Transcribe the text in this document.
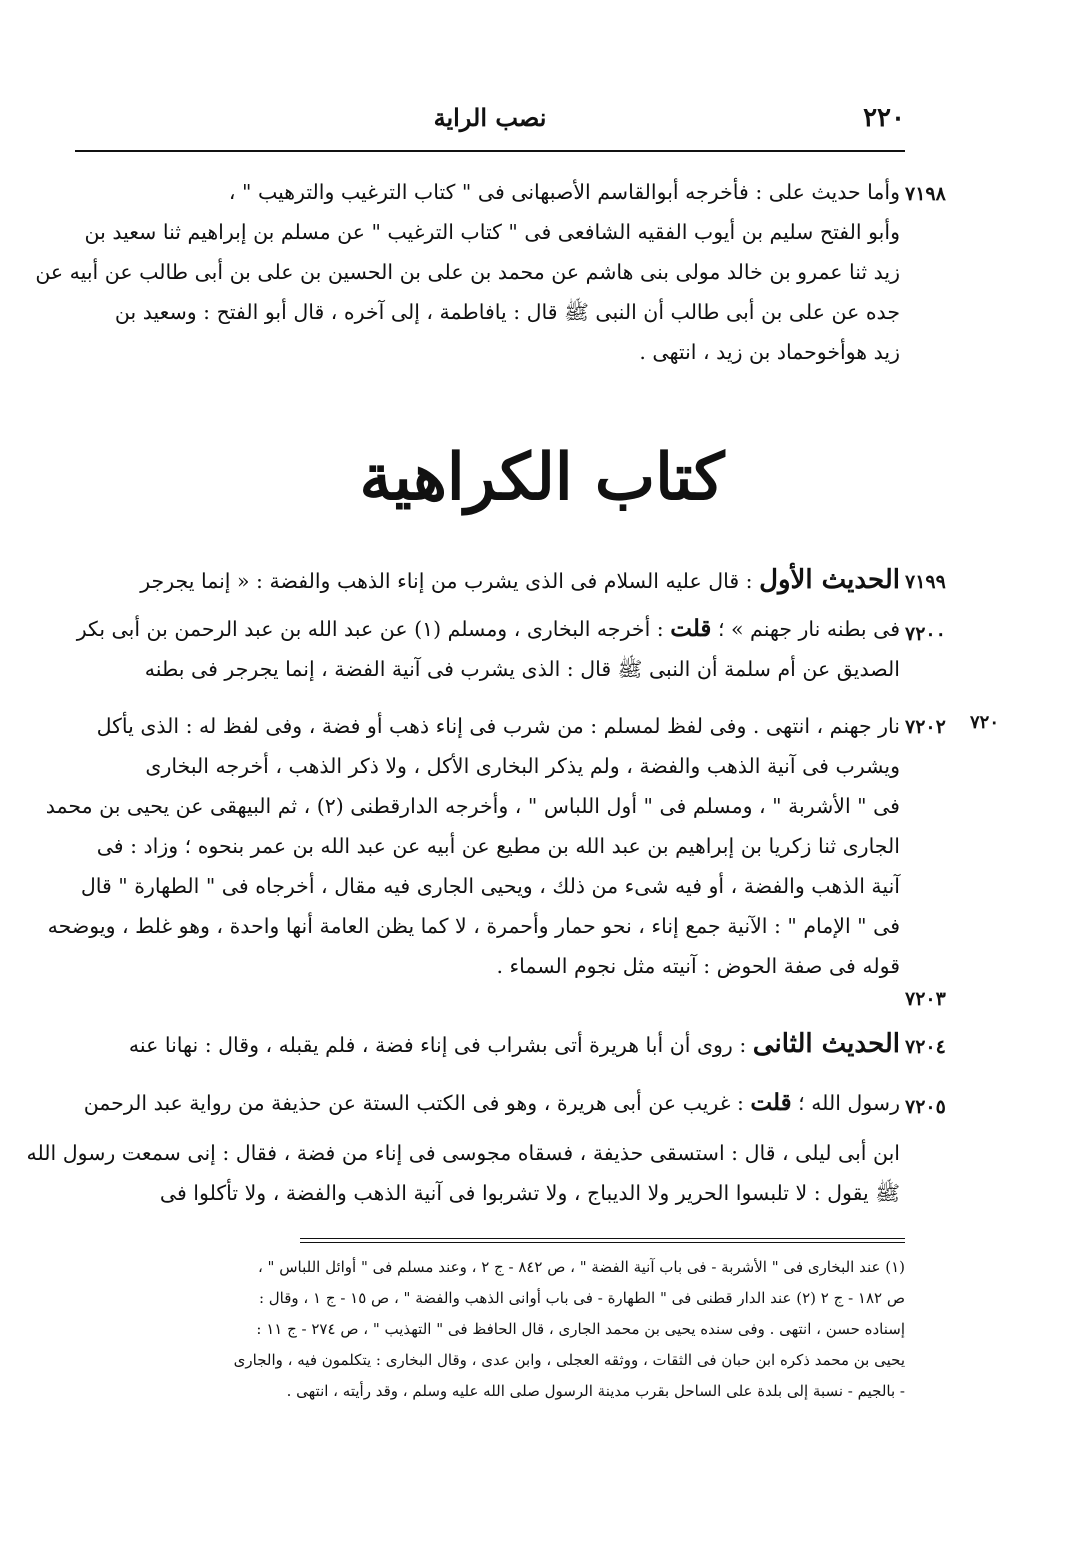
٢٢٠
نصب الراية
٧١٩٨
وأما حديث على : فأخرجه أبوالقاسم الأصبهانى فى " كتاب الترغيب والترهيب " ،
وأبو الفتح سليم بن أيوب الفقيه الشافعى فى " كتاب الترغيب " عن مسلم بن إبراهيم ثنا سعيد بن
زيد ثنا عمرو بن خالد مولى بنى هاشم عن محمد بن على بن الحسين بن على بن أبى طالب عن أبيه عن
جده عن على بن أبى طالب أن النبى ﷺ قال : يافاطمة ، إلى آخره ، قال أبو الفتح : وسعيد بن
زيد هوأخوحماد بن زيد ، انتهى .
كتاب الكراهية
٧١٩٩
٧٢٠٠
الحديث الأول : قال عليه السلام فى الذى يشرب من إناء الذهب والفضة : « إنما يجرجر
فى بطنه نار جهنم » ؛ قلت : أخرجه البخارى ، ومسلم (١) عن عبد الله بن عبد الرحمن بن أبى بكر
الصديق عن أم سلمة أن النبى ﷺ قال : الذى يشرب فى آنية الفضة ، إنما يجرجر فى بطنه
٧٢٠
٧٢٠٢
٧٢٠٣
نار جهنم ، انتهى . وفى لفظ لمسلم : من شرب فى إناء ذهب أو فضة ، وفى لفظ له : الذى يأكل
ويشرب فى آنية الذهب والفضة ، ولم يذكر البخارى الأكل ، ولا ذكر الذهب ، أخرجه البخارى
فى " الأشربة " ، ومسلم فى " أول اللباس " ، وأخرجه الدارقطنى (٢) ، ثم البيهقى عن يحيى بن محمد
الجارى ثنا زكريا بن إبراهيم بن عبد الله بن مطيع عن أبيه عن عبد الله بن عمر بنحوه ؛ وزاد : فى
آنية الذهب والفضة ، أو فيه شىء من ذلك ، ويحيى الجارى فيه مقال ، أخرجاه فى " الطهارة " قال
فى " الإمام " : الآنية جمع إناء ، نحو حمار وأحمرة ، لا كما يظن العامة أنها واحدة ، وهو غلط ، ويوضحه
قوله فى صفة الحوض : آنيته مثل نجوم السماء .
٧٢٠٤
٧٢٠٥
الحديث الثانى : روى أن أبا هريرة أتى بشراب فى إناء فضة ، فلم يقبله ، وقال : نهانا عنه
رسول الله ؛ قلت : غريب عن أبى هريرة ، وهو فى الكتب الستة عن حذيفة من رواية عبد الرحمن
ابن أبى ليلى ، قال : استسقى حذيفة ، فسقاه مجوسى فى إناء من فضة ، فقال : إنى سمعت رسول الله
ﷺ يقول : لا تلبسوا الحرير ولا الديباج ، ولا تشربوا فى آنية الذهب والفضة ، ولا تأكلوا فى
(١) عند البخارى فى " الأشربة - فى باب آنية الفضة " ، ص ٨٤٢ - ج ٢ ، وعند مسلم فى " أوائل اللباس " ،
ص ١٨٢ - ج ٢ (٢) عند الدار قطنى فى " الطهارة - فى باب أوانى الذهب والفضة " ، ص ١٥ - ج ١ ، وقال :
إسناده حسن ، انتهى . وفى سنده يحيى بن محمد الجارى ، قال الحافظ فى " التهذيب " ، ص ٢٧٤ - ج ١١ :
يحيى بن محمد ذكره ابن حبان فى الثقات ، ووثقه العجلى ، وابن عدى ، وقال البخارى : يتكلمون فيه ، والجارى
- بالجيم - نسبة إلى بلدة على الساحل بقرب مدينة الرسول صلى الله عليه وسلم ، وقد رأيته ، انتهى .
